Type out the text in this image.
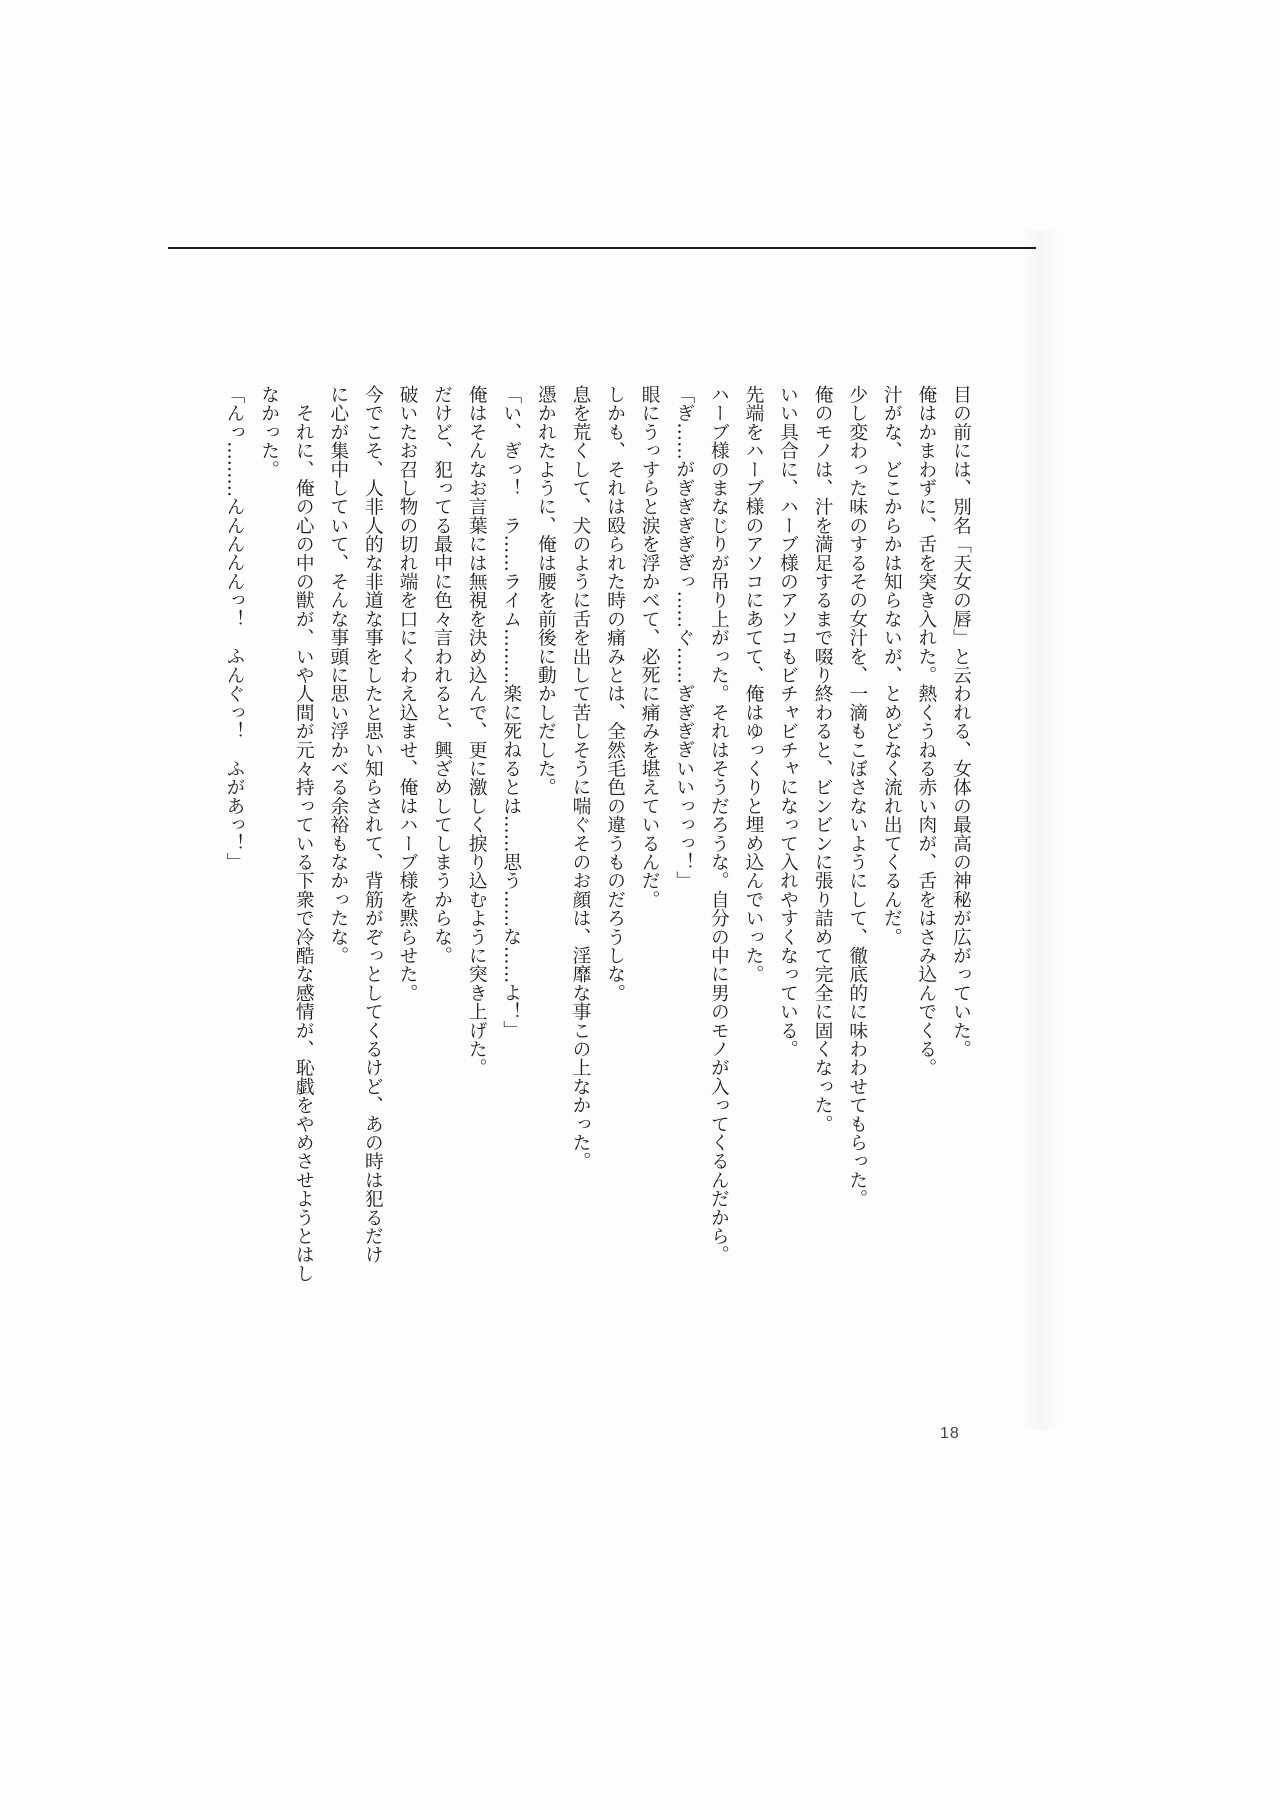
目の前には、別名「天女の唇」と云われる、女体の最高の神秘が広がっていた。

俺はかまわずに、舌を突き入れた。熱くうねる赤い肉が、舌をはさみ込んでくる。

汁がな、どこからかは知らないが、とめどなく流れ出てくるんだ。

少し変わった味のするその女汁を、一滴もこぼさないようにして、徹底的に味わわせてもらった。

俺のモノは、汁を満足するまで啜り終わると、ビンビンに張り詰めて完全に固くなった。

いい具合に、ハーブ様のアソコもビチャビチャになって入れやすくなっている。

先端をハーブ様のアソコにあてて、俺はゆっくりと埋め込んでいった。

ハーブ様のまなじりが吊り上がった。それはそうだろうな。自分の中に男のモノが入ってくるんだから。

「ぎ……がぎぎぎぎぎっ……ぐ……ぎぎぎぎいいっっっ！」

眼にうっすらと涙を浮かべて、必死に痛みを堪えているんだ。

しかも、それは殴られた時の痛みとは、全然毛色の違うものだろうしな。

息を荒くして、犬のように舌を出して苦しそうに喘ぐそのお顔は、淫靡な事この上なかった。

憑かれたように、俺は腰を前後に動かしだした。

「い、ぎっ！　ラ……ライム………楽に死ねるとは……思う……な……よ！」

俺はそんなお言葉には無視を決め込んで、更に激しく捩り込むように突き上げた。

だけど、犯ってる最中に色々言われると、興ざめしてしまうからな。

破いたお召し物の切れ端を口にくわえ込ませ、俺はハーブ様を黙らせた。

今でこそ、人非人的な非道な事をしたと思い知らされて、背筋がぞっとしてくるけど、あの時は犯るだけ

に心が集中していて、そんな事頭に思い浮かべる余裕もなかったな。

　それに、俺の心の中の獣が、いや人間が元々持っている下衆で冷酷な感情が、恥戯をやめさせようとはし

なかった。

「んっ………んんんんんっ！　ふんぐっ！　ふがあっ！」

18
